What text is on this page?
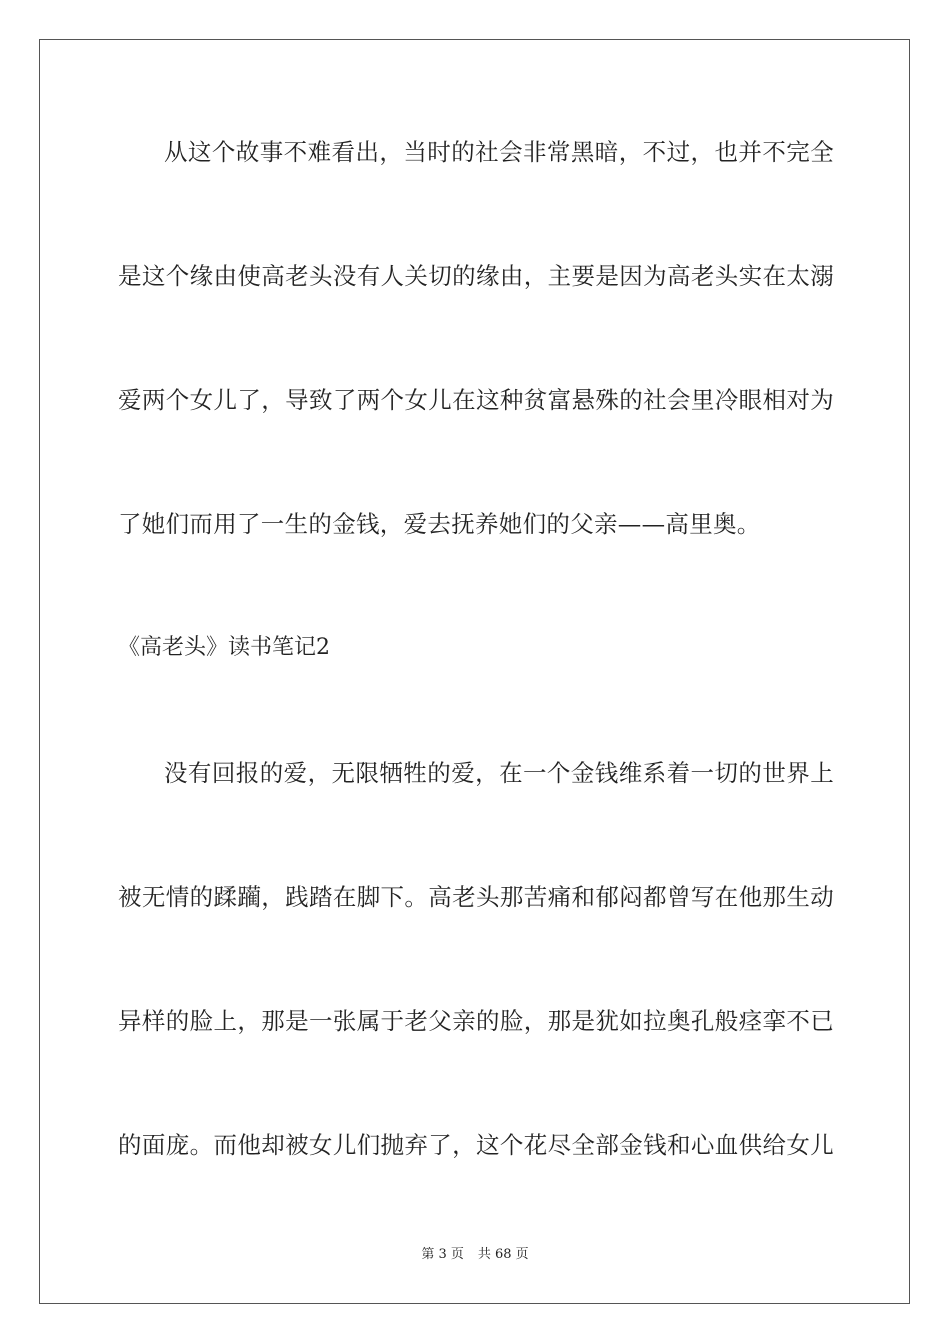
从这个故事不难看出，当时的社会非常黑暗，不过，也并不完全
是这个缘由使高老头没有人关切的缘由，主要是因为高老头实在太溺
爱两个女儿了，导致了两个女儿在这种贫富悬殊的社会里冷眼相对为
了她们而用了一生的金钱，爱去抚养她们的父亲——高里奥。
《高老头》读书笔记2
没有回报的爱，无限牺牲的爱，在一个金钱维系着一切的世界上
被无情的蹂躏，践踏在脚下。高老头那苦痛和郁闷都曾写在他那生动
异样的脸上，那是一张属于老父亲的脸，那是犹如拉奥孔般痉挛不已
的面庞。而他却被女儿们抛弃了，这个花尽全部金钱和心血供给女儿
第 3 页 共 68 页
